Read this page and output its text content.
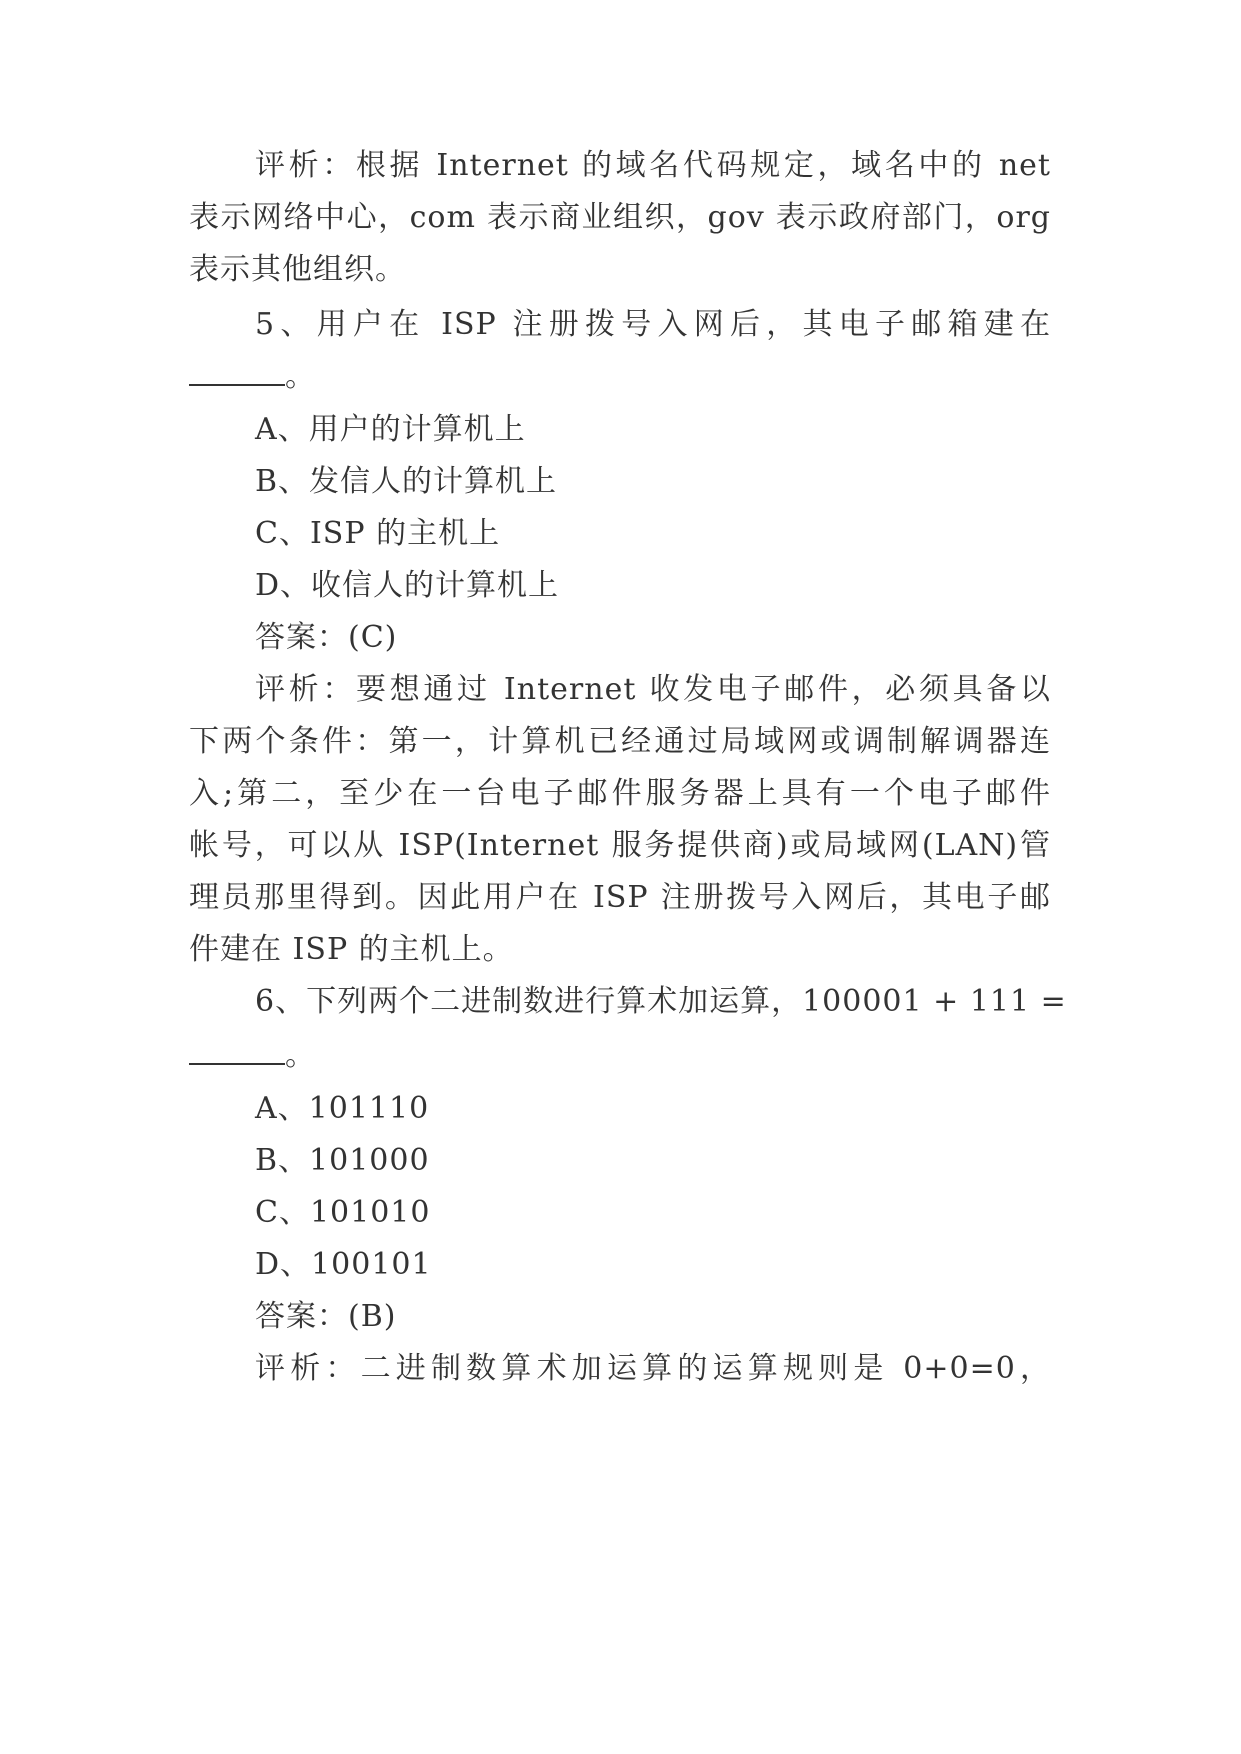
评析：根据 Internet 的域名代码规定，域名中的 net
表示网络中心，com 表示商业组织，gov 表示政府部门，org
表示其他组织。
5、用户在 ISP 注册拨号入网后，其电子邮箱建在
。
A、用户的计算机上
B、发信人的计算机上
C、ISP 的主机上
D、收信人的计算机上
答案：(C)
评析：要想通过 Internet 收发电子邮件，必须具备以
下两个条件：第一，计算机已经通过局域网或调制解调器连
入;第二，至少在一台电子邮件服务器上具有一个电子邮件
帐号，可以从 ISP(Internet 服务提供商)或局域网(LAN)管
理员那里得到。因此用户在 ISP 注册拨号入网后，其电子邮
件建在 ISP 的主机上。
6、下列两个二进制数进行算术加运算，100001 + 111 =
。
A、101110
B、101000
C、101010
D、100101
答案：(B)
评析：二进制数算术加运算的运算规则是 0+0=0，
